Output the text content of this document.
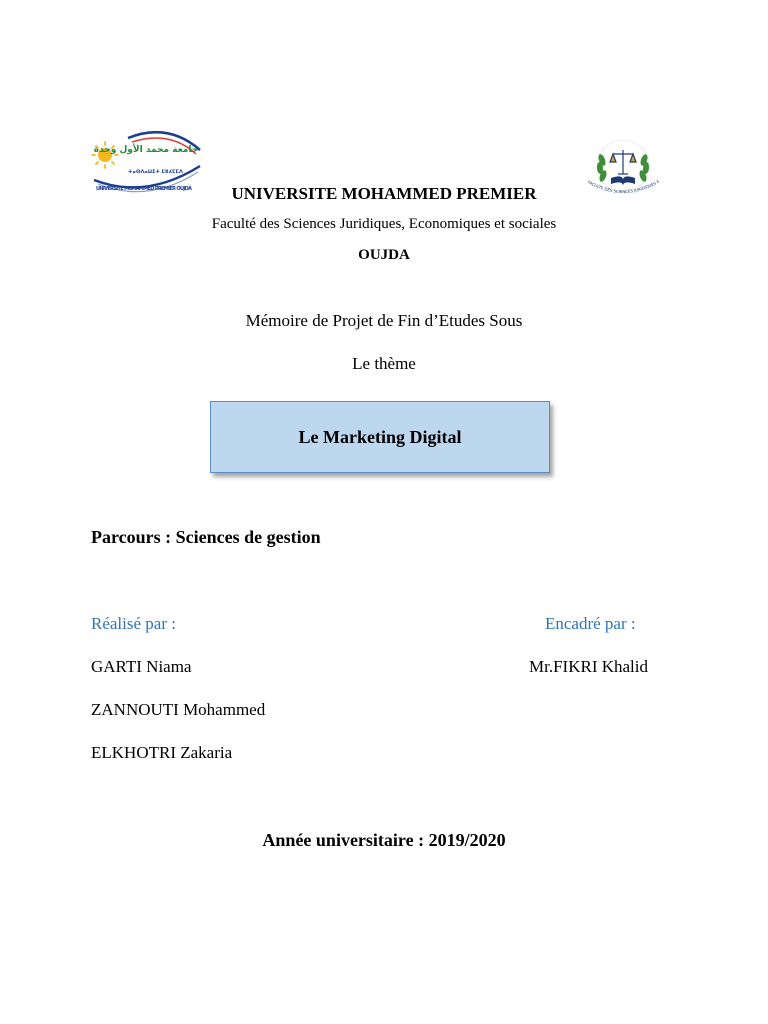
جامعة محمد الأول وجدة
ⵜⴰⵙⴷⴰⵡⵉⵜ ⵎⵓⵃⵎⵎⴷ
UNIVERSITE MOHAMMED PREMIER OUJDA
FACULTE DES SCIENCES JURIDIQUES E
UNIVERSITE MOHAMMED PREMIER
Faculté des Sciences Juridiques, Economiques et sociales
OUJDA
Mémoire de Projet de Fin d’Etudes Sous
Le thème
Le Marketing Digital
Parcours : Sciences de gestion
Réalisé par :	Encadré par :
GARTI Niama
ZANNOUTI Mohammed
ELKHOTRI Zakaria
Mr.FIKRI Khalid
Année universitaire : 2019/2020
